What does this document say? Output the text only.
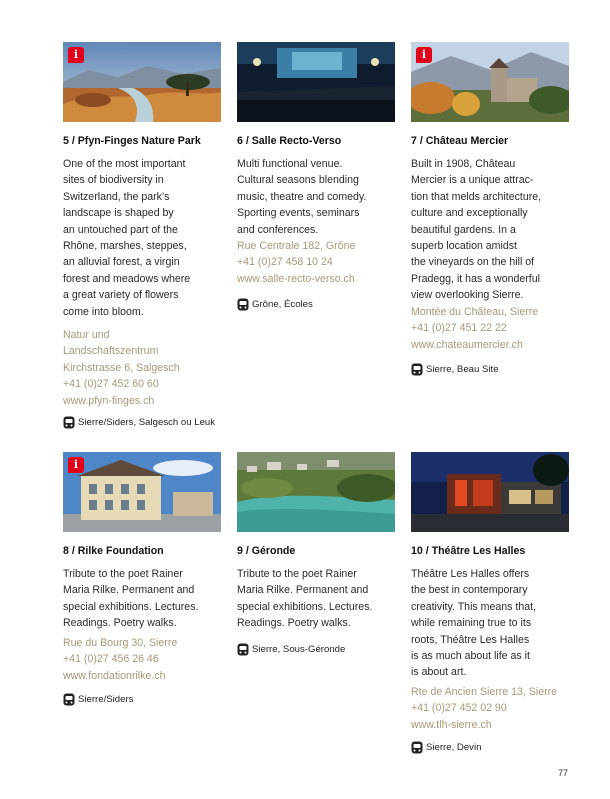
i
5 / Pfyn-Finges Nature Park
One of the most important
sites of biodiversity in
Switzerland, the park’s
landscape is shaped by
an untouched part of the
Rhône, marshes, steppes,
an alluvial forest, a virgin
forest and meadows where
a great variety of flowers
come into bloom.
Natur und
Landschaftszentrum
Kirchstrasse 6, Salgesch
+41 (0)27 452 60 60
www.pfyn-finges.ch
Sierre/Siders, Salgesch ou Leuk
6 / Salle Recto-Verso
Multi functional venue.
Cultural seasons blending
music, theatre and comedy.
Sporting events, seminars
and conferences.
Rue Centrale 182, Grône
+41 (0)27 458 10 24
www.salle-recto-verso.ch
Grône, Écoles
i
7 / Château Mercier
Built in 1908, Château
Mercier is a unique attrac-
tion that melds architecture,
culture and exceptionally
beautiful gardens. In a
superb location amidst
the vineyards on the hill of
Pradegg, it has a wonderful
view overlooking Sierre.
Montée du Château, Sierre
+41 (0)27 451 22 22
www.chateaumercier.ch
Sierre, Beau Site
i
8 / Rilke Foundation
Tribute to the poet Rainer
Maria Rilke. Permanent and
special exhibitions. Lectures.
Readings. Poetry walks.
Rue du Bourg 30, Sierre
+41 (0)27 456 26 46
www.fondationrilke.ch
Sierre/Siders
9 / Géronde
Tribute to the poet Rainer
Maria Rilke. Permanent and
special exhibitions. Lectures.
Readings. Poetry walks.
Sierre, Sous-Géronde
10 / Théâtre Les Halles
Théâtre Les Halles offers
the best in contemporary
creativity. This means that,
while remaining true to its
roots, Théâtre Les Halles
is as much about life as it
is about art.
Rte de Ancien Sierre 13, Sierre
+41 (0)27 452 02 90
www.tlh-sierre.ch
Sierre, Devin
77
